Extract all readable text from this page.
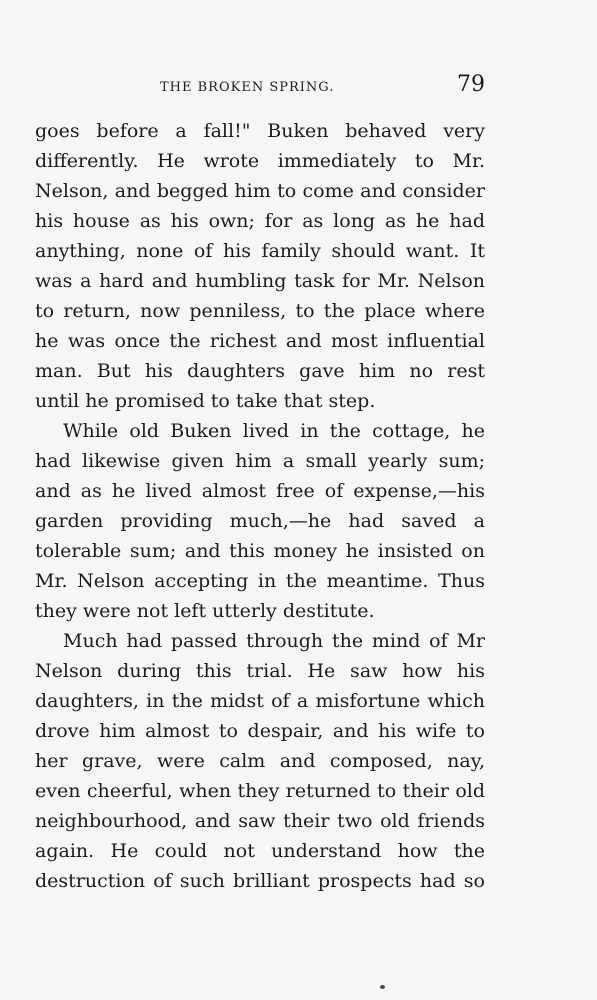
THE BROKEN SPRING.	79
goes before a fall!" Buken behaved very
differently. He wrote immediately to Mr.
Nelson, and begged him to come and consider
his house as his own; for as long as he had
anything, none of his family should want. It
was a hard and humbling task for Mr. Nelson
to return, now penniless, to the place where
he was once the richest and most influential
man. But his daughters gave him no rest
until he promised to take that step.
While old Buken lived in the cottage, he
had likewise given him a small yearly sum;
and as he lived almost free of expense,—his
garden providing much,—he had saved a
tolerable sum; and this money he insisted on
Mr. Nelson accepting in the meantime. Thus
they were not left utterly destitute.
Much had passed through the mind of Mr
Nelson during this trial. He saw how his
daughters, in the midst of a misfortune which
drove him almost to despair, and his wife to
her grave, were calm and composed, nay,
even cheerful, when they returned to their old
neighbourhood, and saw their two old friends
again. He could not understand how the
destruction of such brilliant prospects had so
